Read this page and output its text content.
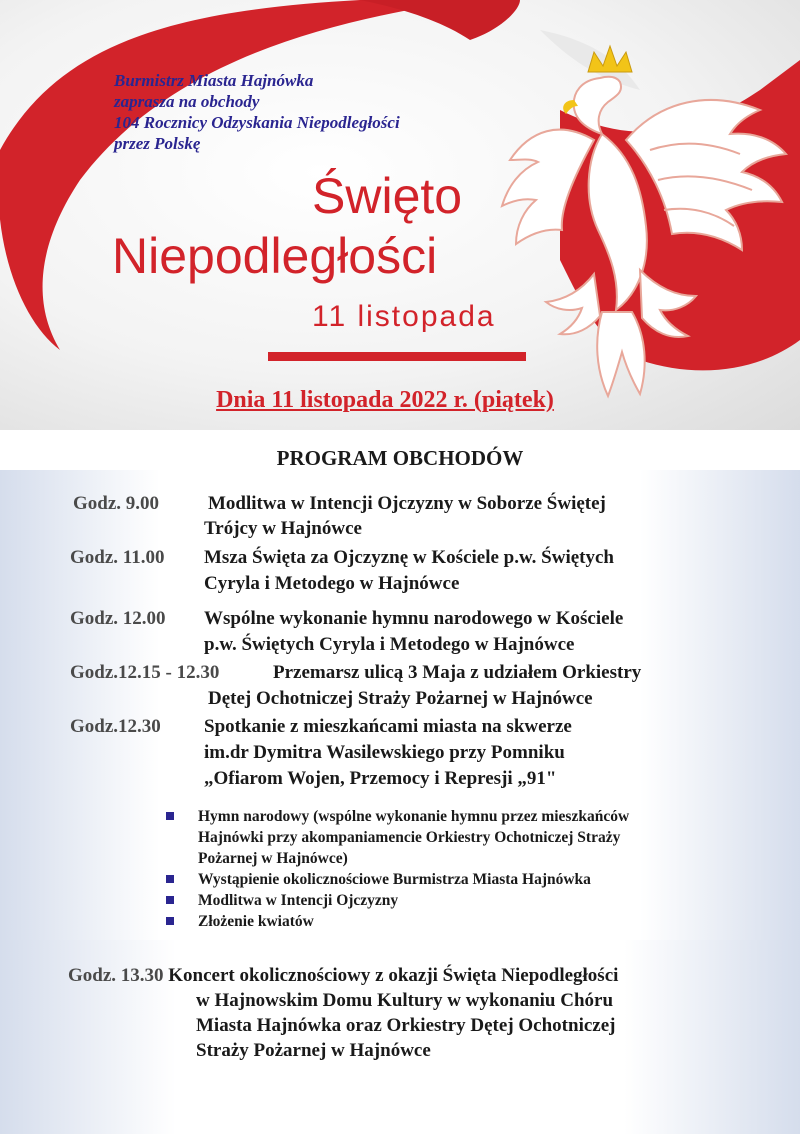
Burmistrz Miasta Hajnówka
zaprasza na obchody
104 Rocznicy Odzyskania Niepodległości
przez Polskę
Święto
Niepodległości
11 listopada
Dnia 11 listopada 2022 r. (piątek)
PROGRAM OBCHODÓW
Godz. 9.00	Modlitwa w Intencji Ojczyzny w Soborze Świętej
Trójcy w Hajnówce
Godz. 11.00 Msza Święta za Ojczyznę w Kościele p.w. Świętych
Cyryla i Metodego w Hajnówce
Godz. 12.00 Wspólne wykonanie hymnu narodowego w Kościele
p.w. Świętych Cyryla i Metodego w Hajnówce
Godz.12.15 - 12.30	Przemarsz ulicą 3 Maja z udziałem Orkiestry
Dętej Ochotniczej Straży Pożarnej w Hajnówce
Godz.12.30 Spotkanie z mieszkańcami miasta na skwerze
im.dr Dymitra Wasilewskiego przy Pomniku
„Ofiarom Wojen, Przemocy i Represji „91"
Hymn narodowy (wspólne wykonanie hymnu przez mieszkańców
Hajnówki przy akompaniamencie Orkiestry Ochotniczej Straży
Pożarnej w Hajnówce)
Wystąpienie okolicznościowe Burmistrza Miasta Hajnówka
Modlitwa w Intencji Ojczyzny
Złożenie kwiatów
Godz. 13.30 Koncert okolicznościowy z okazji Święta Niepodległości
w Hajnowskim Domu Kultury w wykonaniu Chóru
Miasta Hajnówka oraz Orkiestry Dętej Ochotniczej
Straży Pożarnej w Hajnówce
